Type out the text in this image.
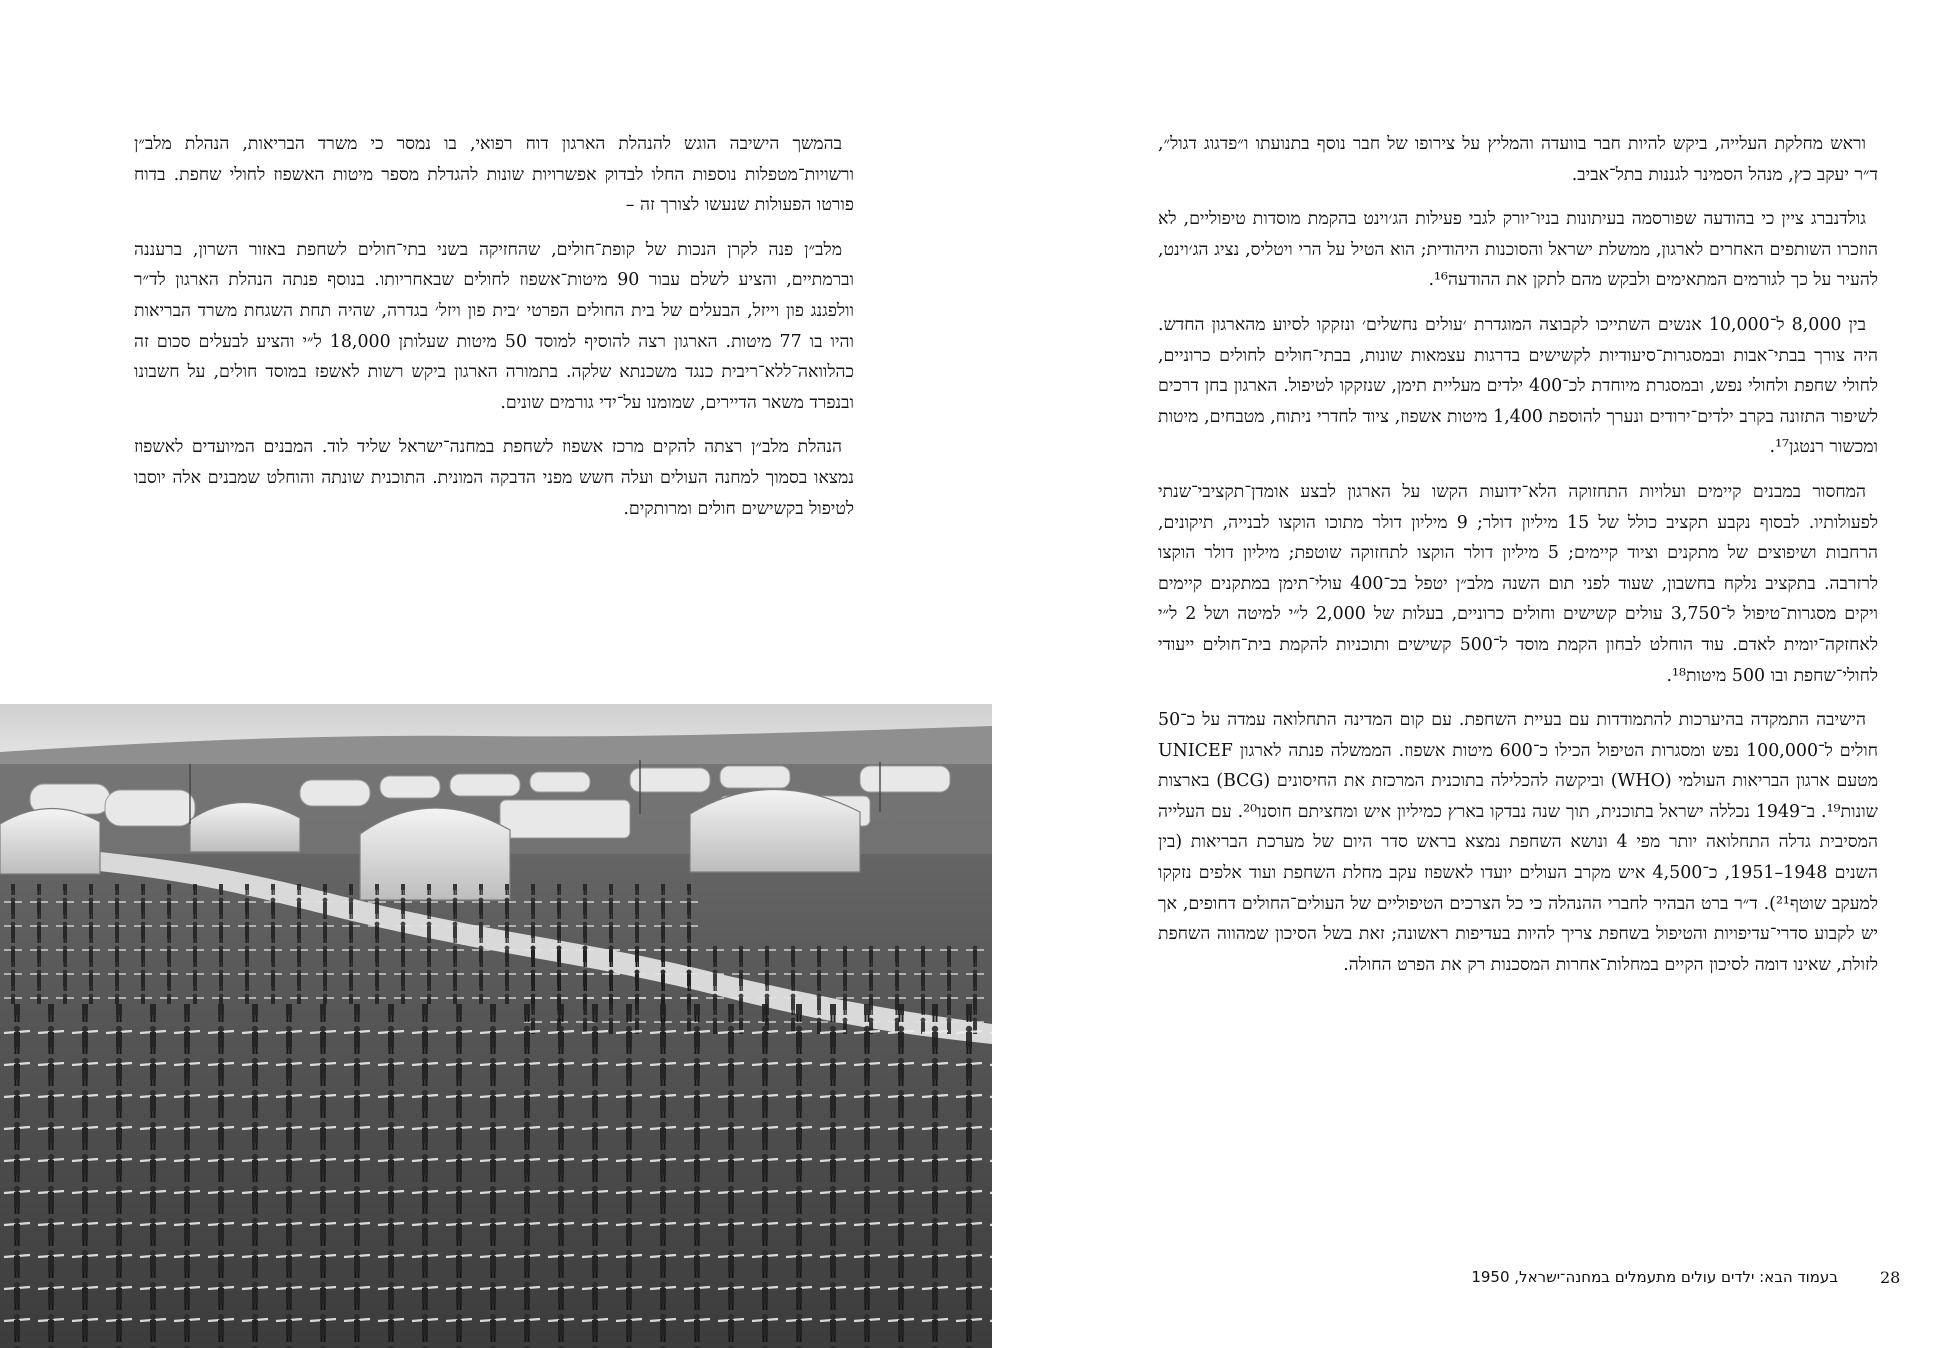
בהמשך הישיבה הוגש להנהלת הארגון דוח רפואי, בו נמסר כי משרד הבריאות, הנהלת מלב״ן ורשויות־מטפלות נוספות החלו לבדוק אפשרויות שונות להגדלת מספר מיטות האשפוז לחולי שחפת. בדוח פורטו הפעולות שנעשו לצורך זה –

מלב״ן פנה לקרן הנכות של קופת־חולים, שהחזיקה בשני בתי־חולים לשחפת באזור השרון, ברעננה וברמתיים, והציע לשלם עבור 90 מיטות־אשפוז לחולים שבאחריותו. בנוסף פנתה הנהלת הארגון לד״ר וולפגנג פון וייזל, הבעלים של בית החולים הפרטי ׳בית פון ויזל׳ בגדרה, שהיה תחת השגחת משרד הבריאות והיו בו 77 מיטות. הארגון רצה להוסיף למוסד 50 מיטות שעלותן 18,000 ל״י והציע לבעלים סכום זה כהלוואה־ללא־ריבית כנגד משכנתא שלקה. בתמורה הארגון ביקש רשות לאשפז במוסד חולים, על חשבונו ובנפרד משאר הדיירים, שמומנו על־ידי גורמים שונים.

הנהלת מלב״ן רצתה להקים מרכז אשפוז לשחפת במחנה־ישראל שליד לוד. המבנים המיועדים לאשפוז נמצאו בסמוך למחנה העולים ועלה חשש מפני הדבקה המונית. התוכנית שונתה והוחלט שמבנים אלה יוסבו לטיפול בקשישים חולים ומרותקים.

וראש מחלקת העלייה, ביקש להיות חבר בוועדה והמליץ על צירופו של חבר נוסף בתנועתו ו״פדגוג דגול״, ד״ר יעקב כץ, מנהל הסמינר לגננות בתל־אביב.

גולדנברג ציין כי בהודעה שפורסמה בעיתונות בניו־יורק לגבי פעילות הג׳וינט בהקמת מוסדות טיפוליים, לא הוזכרו השותפים האחרים לארגון, ממשלת ישראל והסוכנות היהודית; הוא הטיל על הרי ויטליס, נציג הג׳וינט, להעיר על כך לגורמים המתאימים ולבקש מהם לתקן את ההודעה¹⁶.

בין 8,000 ל־10,000 אנשים השתייכו לקבוצה המוגדרת ׳עולים נחשלים׳ ונזקקו לסיוע מהארגון החדש. היה צורך בבתי־אבות ובמסגרות־סיעודיות לקשישים בדרגות עצמאות שונות, בבתי־חולים לחולים כרוניים, לחולי שחפת ולחולי נפש, ובמסגרת מיוחדת לכ־400 ילדים מעליית תימן, שנזקקו לטיפול. הארגון בחן דרכים לשיפור התזונה בקרב ילדים־ירודים ונערך להוספת 1,400 מיטות אשפוז, ציוד לחדרי ניתוח, מטבחים, מיטות ומכשור רנטגן¹⁷.

המחסור במבנים קיימים ועלויות התחזוקה הלא־ידועות הקשו על הארגון לבצע אומדן־תקציבי־שנתי לפעולותיו. לבסוף נקבע תקציב כולל של 15 מיליון דולר; 9 מיליון דולר מתוכו הוקצו לבנייה, תיקונים, הרחבות ושיפוצים של מתקנים וציוד קיימים; 5 מיליון דולר הוקצו לתחזוקה שוטפת; מיליון דולר הוקצו לרזרבה. בתקציב נלקח בחשבון, שעוד לפני תום השנה מלב״ן יטפל בכ־400 עולי־תימן במתקנים קיימים ויקים מסגרות־טיפול ל־3,750 עולים קשישים וחולים כרוניים, בעלות של 2,000 ל״י למיטה ושל 2 ל״י לאחזקה־יומית לאדם. עוד הוחלט לבחון הקמת מוסד ל־500 קשישים ותוכניות להקמת בית־חולים ייעודי לחולי־שחפת ובו 500 מיטות¹⁸.

הישיבה התמקדה בהיערכות להתמודדות עם בעיית השחפת. עם קום המדינה התחלואה עמדה על כ־50 חולים ל־100,000 נפש ומסגרות הטיפול הכילו כ־600 מיטות אשפוז. הממשלה פנתה לארגון UNICEF מטעם ארגון הבריאות העולמי (WHO) וביקשה להכלילה בתוכנית המרכזת את החיסונים (BCG) בארצות שונות¹⁹. ב־1949 נכללה ישראל בתוכנית, תוך שנה נבדקו בארץ כמיליון איש ומחציתם חוסנו²⁰. עם העלייה המסיבית גדלה התחלואה יותר מפי 4 ונושא השחפת נמצא בראש סדר היום של מערכת הבריאות (בין השנים 1948–1951, כ־4,500 איש מקרב העולים יועדו לאשפוז עקב מחלת השחפת ועוד אלפים נזקקו למעקב שוטף²¹). ד״ר ברט הבהיר לחברי ההנהלה כי כל הצרכים הטיפוליים של העולים־החולים דחופים, אך יש לקבוע סדרי־עדיפויות והטיפול בשחפת צריך להיות בעדיפות ראשונה; זאת בשל הסיכון שמהווה השחפת לזולת, שאינו דומה לסיכון הקיים במחלות־אחרות המסכנות רק את הפרט החולה.

בעמוד הבא: ילדים עולים מתעמלים במחנה־ישראל, 1950	28
